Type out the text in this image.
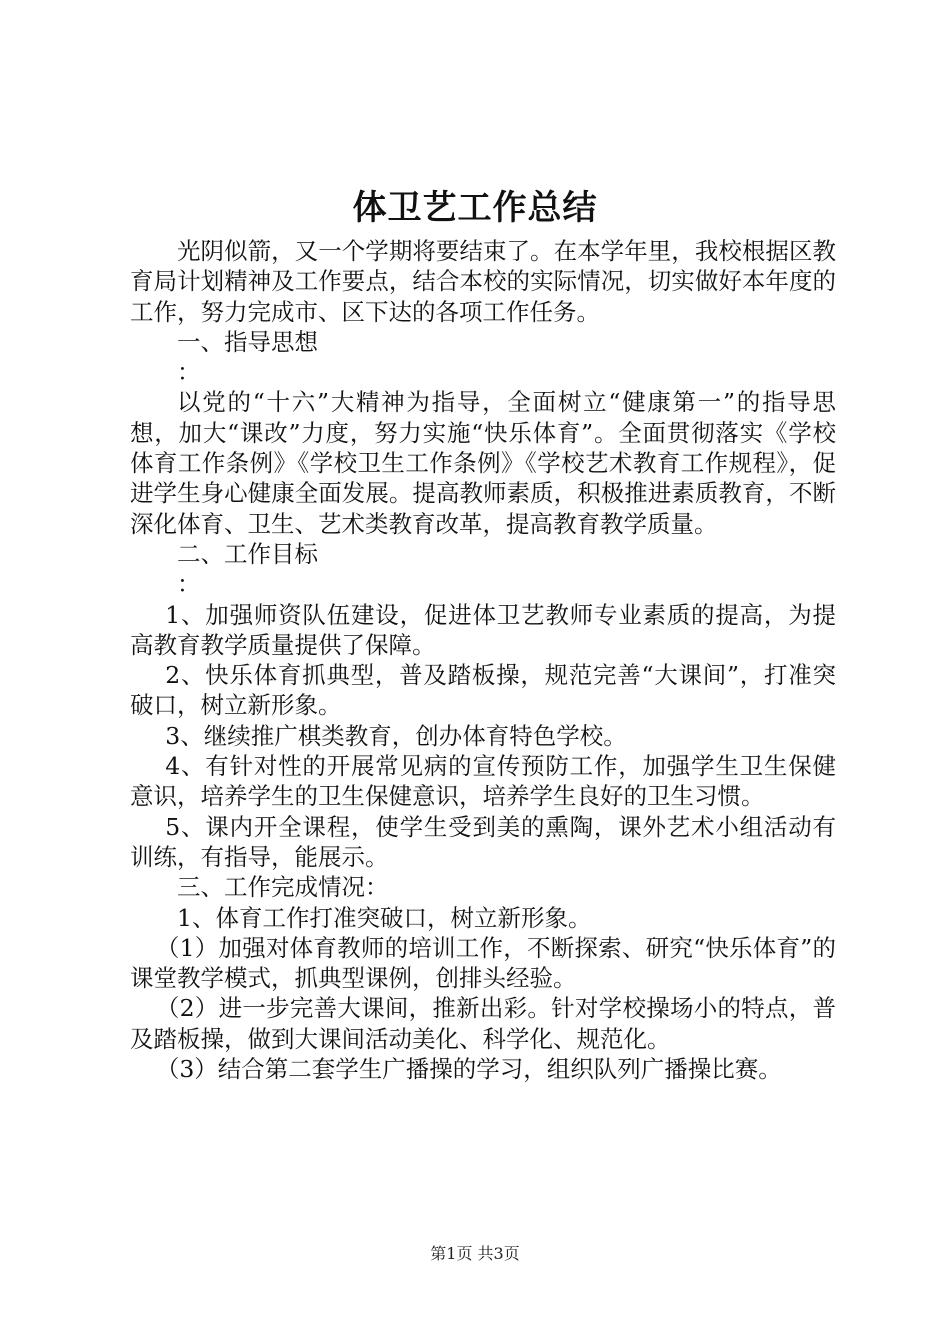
体卫艺工作总结

光阴似箭，又一个学期将要结束了。在本学年里，我校根据区教育局计划精神及工作要点，结合本校的实际情况，切实做好本年度的工作，努力完成市、区下达的各项工作任务。

一、指导思想

：

以党的“十六”大精神为指导，全面树立“健康第一”的指导思想，加大“课改”力度，努力实施“快乐体育”。全面贯彻落实《学校体育工作条例》《学校卫生工作条例》《学校艺术教育工作规程》，促进学生身心健康全面发展。提高教师素质，积极推进素质教育，不断深化体育、卫生、艺术类教育改革，提高教育教学质量。

二、工作目标

：

1、加强师资队伍建设，促进体卫艺教师专业素质的提高，为提高教育教学质量提供了保障。

2、快乐体育抓典型，普及踏板操，规范完善“大课间”，打准突破口，树立新形象。

3、继续推广棋类教育，创办体育特色学校。

4、有针对性的开展常见病的宣传预防工作，加强学生卫生保健意识，培养学生的卫生保健意识，培养学生良好的卫生习惯。

5、课内开全课程，使学生受到美的熏陶，课外艺术小组活动有训练，有指导，能展示。

三、工作完成情况：

1、体育工作打准突破口，树立新形象。

（1）加强对体育教师的培训工作，不断探索、研究“快乐体育”的课堂教学模式，抓典型课例，创排头经验。

（2）进一步完善大课间，推新出彩。针对学校操场小的特点，普及踏板操，做到大课间活动美化、科学化、规范化。

（3）结合第二套学生广播操的学习，组织队列广播操比赛。

第1页 共3页
